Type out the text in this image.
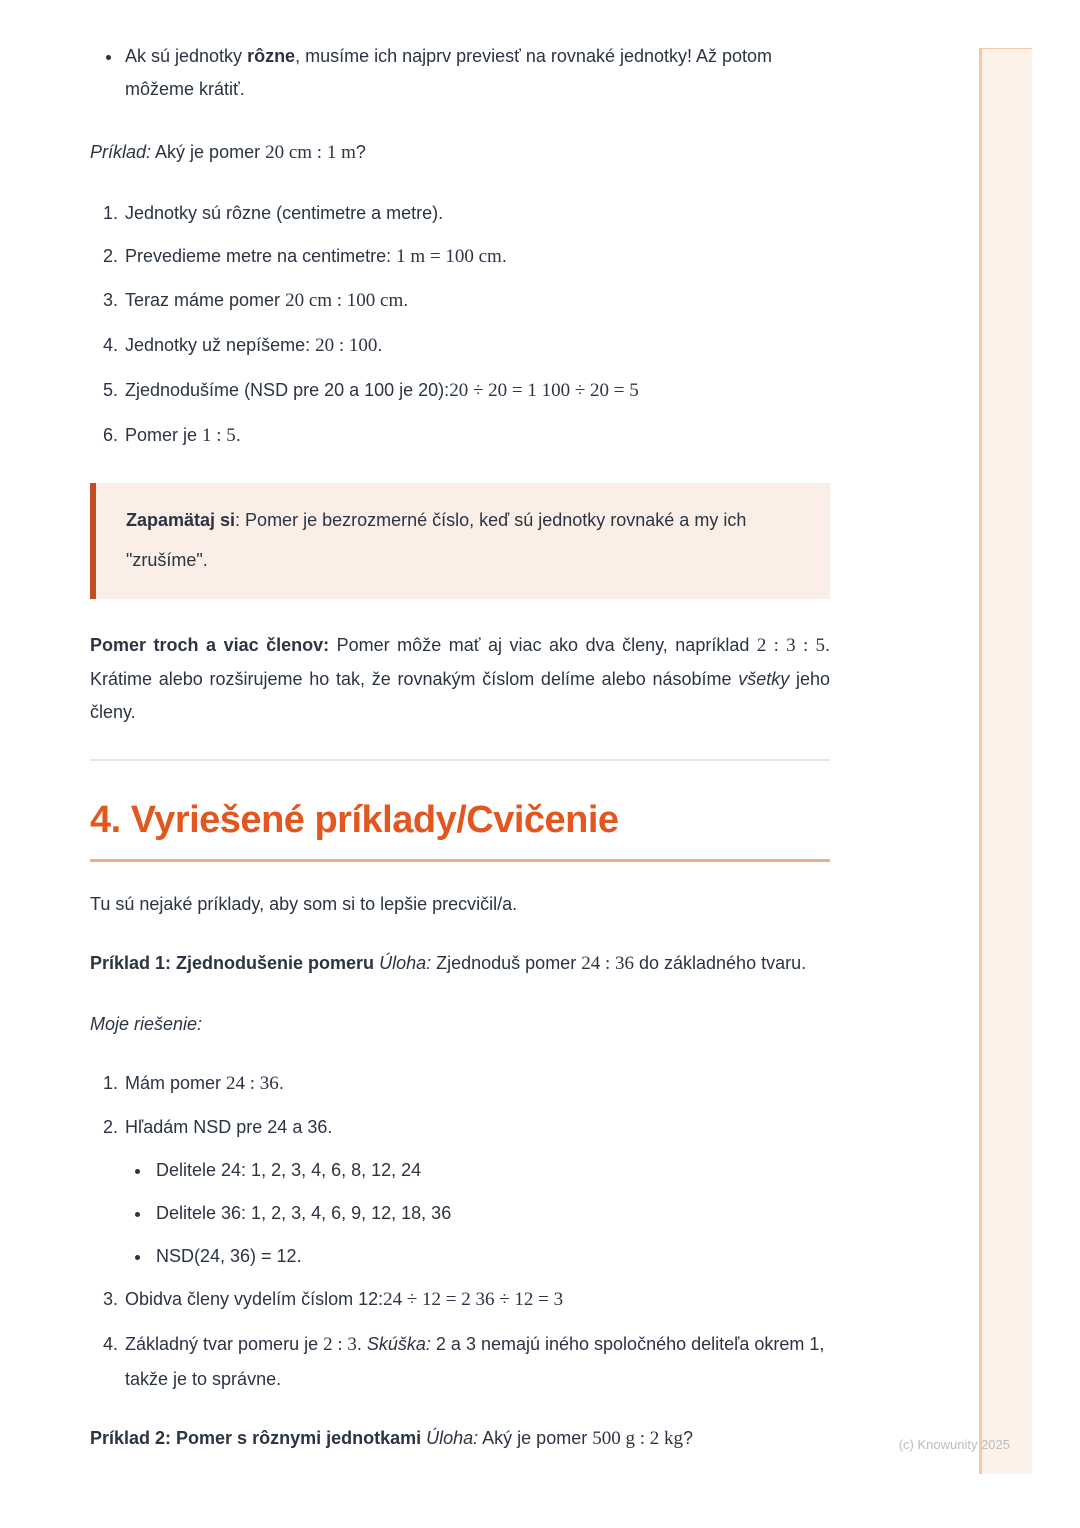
• Ak sú jednotky rôzne, musíme ich najprv previesť na rovnaké jednotky! Až potom môžeme krátiť.

Príklad: Aký je pomer 20 cm : 1 m?

1. Jednotky sú rôzne (centimetre a metre).
2. Prevedieme metre na centimetre: 1 m = 100 cm.
3. Teraz máme pomer 20 cm : 100 cm.
4. Jednotky už nepíšeme: 20 : 100.
5. Zjednodušíme (NSD pre 20 a 100 je 20):20 ÷ 20 = 1 100 ÷ 20 = 5
6. Pomer je 1 : 5.

Zapamätaj si: Pomer je bezrozmerné číslo, keď sú jednotky rovnaké a my ich "zrušíme".

Pomer troch a viac členov: Pomer môže mať aj viac ako dva členy, napríklad 2 : 3 : 5. Krátime alebo rozširujeme ho tak, že rovnakým číslom delíme alebo násobíme všetky jeho členy.

4. Vyriešené príklady/Cvičenie

Tu sú nejaké príklady, aby som si to lepšie precvičil/a.

Príklad 1: Zjednodušenie pomeru Úloha: Zjednoduš pomer 24 : 36 do základného tvaru.

Moje riešenie:

1. Mám pomer 24 : 36.
2. Hľadám NSD pre 24 a 36.
• Delitele 24: 1, 2, 3, 4, 6, 8, 12, 24
• Delitele 36: 1, 2, 3, 4, 6, 9, 12, 18, 36
• NSD(24, 36) = 12.
3. Obidva členy vydelím číslom 12:24 ÷ 12 = 2 36 ÷ 12 = 3
4. Základný tvar pomeru je 2 : 3. Skúška: 2 a 3 nemajú iného spoločného deliteľa okrem 1, takže je to správne.

Príklad 2: Pomer s rôznymi jednotkami Úloha: Aký je pomer 500 g : 2 kg?	(c) Knowunity 2025
